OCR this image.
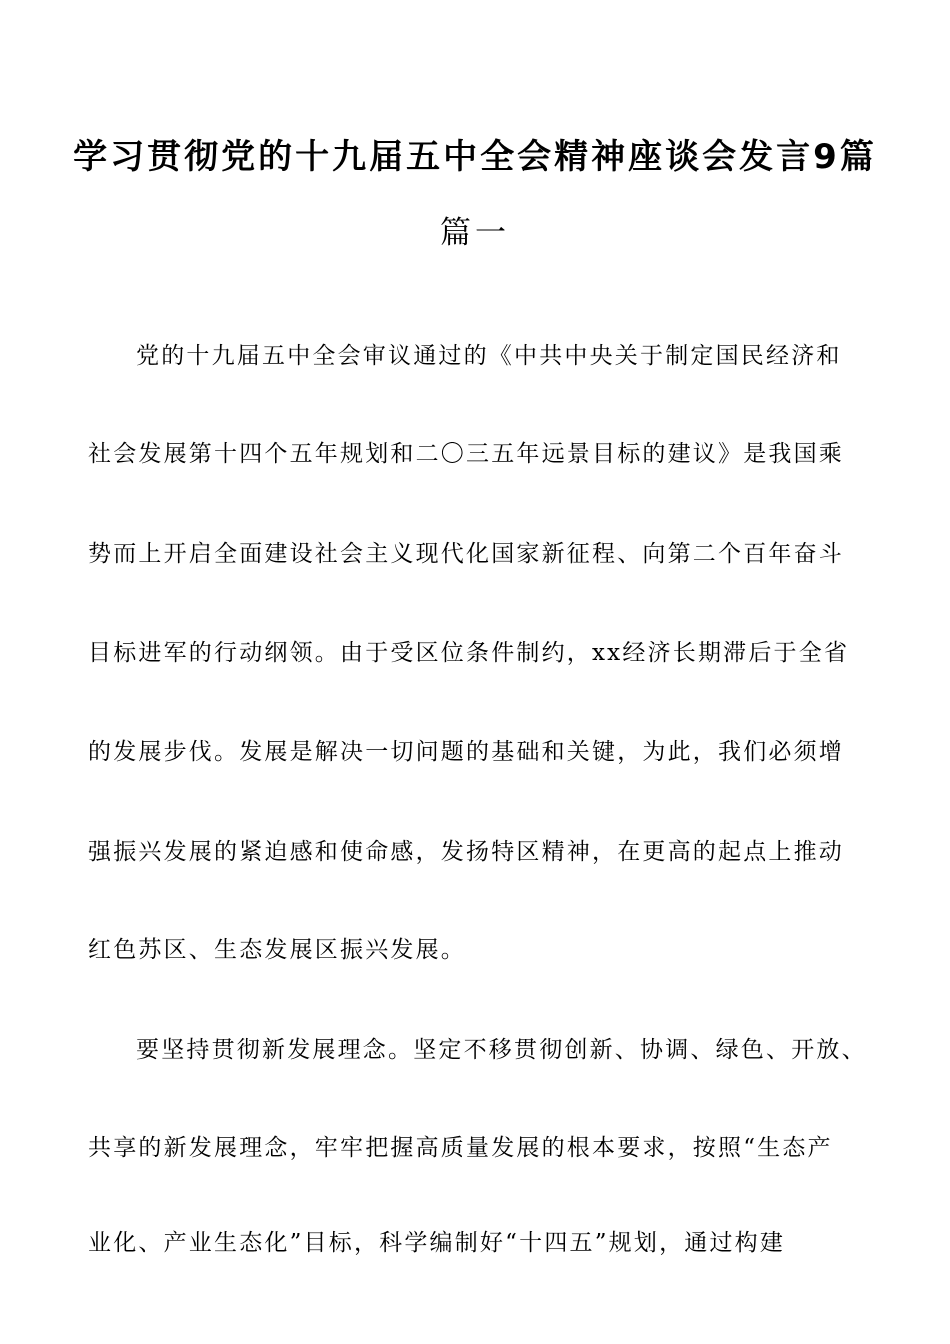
学习贯彻党的十九届五中全会精神座谈会发言9篇
篇一
党的十九届五中全会审议通过的《中共中央关于制定国民经济和
社会发展第十四个五年规划和二〇三五年远景目标的建议》是我国乘
势而上开启全面建设社会主义现代化国家新征程、向第二个百年奋斗
目标进军的行动纲领。由于受区位条件制约，xx经济长期滞后于全省
的发展步伐。发展是解决一切问题的基础和关键，为此，我们必须增
强振兴发展的紧迫感和使命感，发扬特区精神，在更高的起点上推动
红色苏区、生态发展区振兴发展。
要坚持贯彻新发展理念。坚定不移贯彻创新、协调、绿色、开放、
共享的新发展理念，牢牢把握高质量发展的根本要求，按照“生态产
业化、产业生态化”目标，科学编制好“十四五”规划，通过构建
